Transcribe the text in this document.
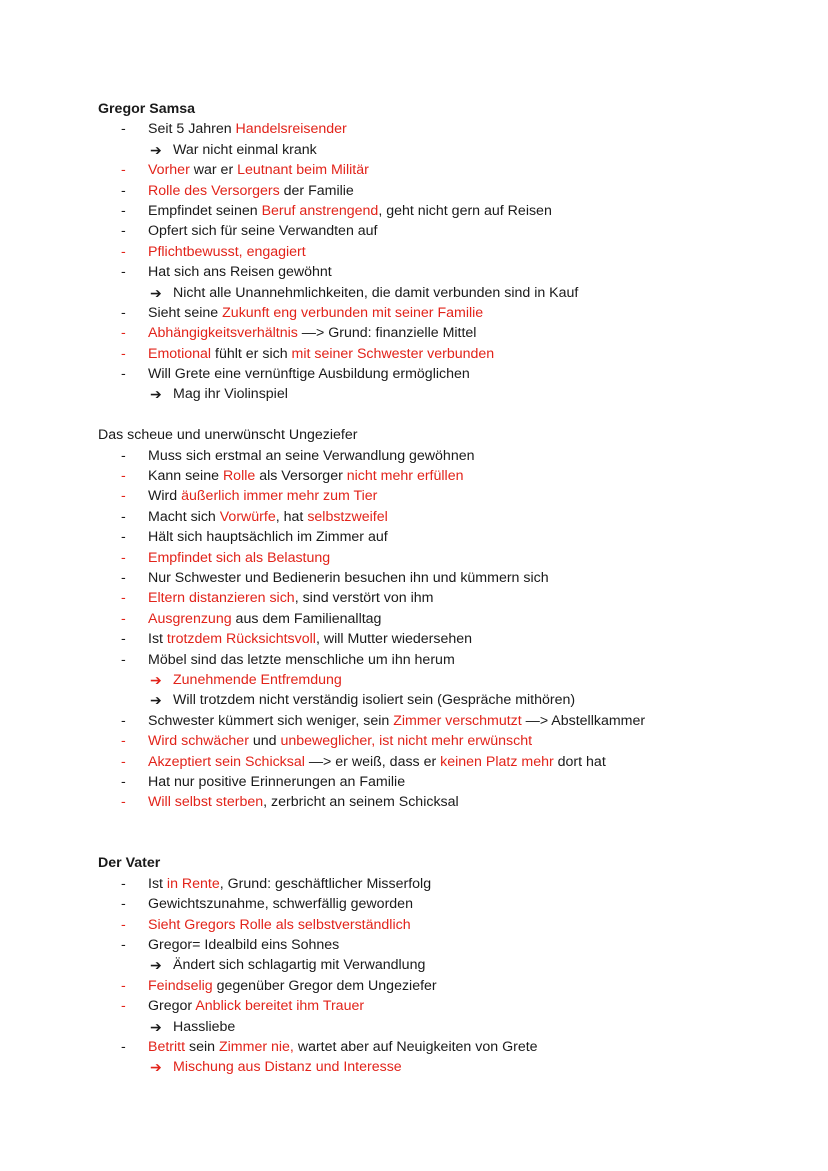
Gregor Samsa
-	Seit 5 Jahren Handelsreisender
➔ War nicht einmal krank
-	Vorher war er Leutnant beim Militär
-	Rolle des Versorgers der Familie
-	Empfindet seinen Beruf anstrengend, geht nicht gern auf Reisen
-	Opfert sich für seine Verwandten auf
-	Pflichtbewusst, engagiert
-	Hat sich ans Reisen gewöhnt
➔ Nicht alle Unannehmlichkeiten, die damit verbunden sind in Kauf
-	Sieht seine Zukunft eng verbunden mit seiner Familie
-	Abhängigkeitsverhältnis —> Grund: finanzielle Mittel
-	Emotional fühlt er sich mit seiner Schwester verbunden
-	Will Grete eine vernünftige Ausbildung ermöglichen
➔ Mag ihr Violinspiel
Das scheue und unerwünscht Ungeziefer
-	Muss sich erstmal an seine Verwandlung gewöhnen
-	Kann seine Rolle als Versorger nicht mehr erfüllen
-	Wird äußerlich immer mehr zum Tier
-	Macht sich Vorwürfe, hat selbstzweifel
-	Hält sich hauptsächlich im Zimmer auf
-	Empfindet sich als Belastung
-	Nur Schwester und Bedienerin besuchen ihn und kümmern sich
-	Eltern distanzieren sich, sind verstört von ihm
-	Ausgrenzung aus dem Familienalltag
-	Ist trotzdem Rücksichtsvoll, will Mutter wiedersehen
-	Möbel sind das letzte menschliche um ihn herum
➔ Zunehmende Entfremdung
➔ Will trotzdem nicht verständig isoliert sein (Gespräche mithören)
-	Schwester kümmert sich weniger, sein Zimmer verschmutzt —> Abstellkammer
-	Wird schwächer und unbeweglicher, ist nicht mehr erwünscht
-	Akzeptiert sein Schicksal —> er weiß, dass er keinen Platz mehr dort hat
-	Hat nur positive Erinnerungen an Familie
-	Will selbst sterben, zerbricht an seinem Schicksal
Der Vater
-	Ist in Rente, Grund: geschäftlicher Misserfolg
-	Gewichtszunahme, schwerfällig geworden
-	Sieht Gregors Rolle als selbstverständlich
-	Gregor= Idealbild eins Sohnes
➔ Ändert sich schlagartig mit Verwandlung
-	Feindselig gegenüber Gregor dem Ungeziefer
-	Gregor Anblick bereitet ihm Trauer
➔ Hassliebe
-	Betritt sein Zimmer nie, wartet aber auf Neuigkeiten von Grete
➔ Mischung aus Distanz und Interesse
